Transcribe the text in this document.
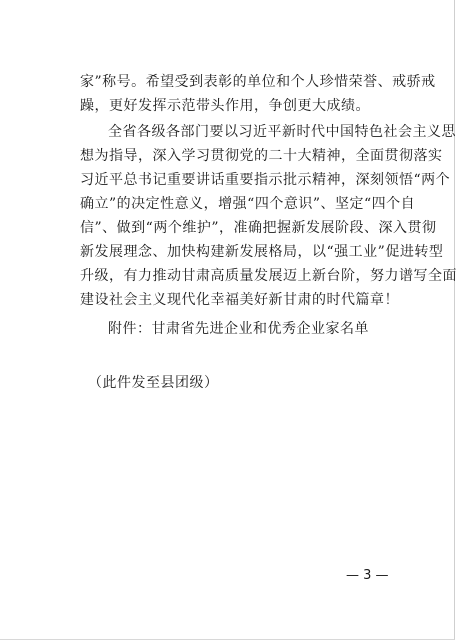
家”称号。希望受到表彰的单位和个人珍惜荣誉、戒骄戒
躁，更好发挥示范带头作用，争创更大成绩。
全省各级各部门要以习近平新时代中国特色社会主义思
想为指导，深入学习贯彻党的二十大精神，全面贯彻落实
习近平总书记重要讲话重要指示批示精神，深刻领悟“两个
确立”的决定性意义，增强“四个意识”、坚定“四个自
信”、做到“两个维护”，准确把握新发展阶段、深入贯彻
新发展理念、加快构建新发展格局，以“强工业”促进转型
升级，有力推动甘肃高质量发展迈上新台阶，努力谱写全面
建设社会主义现代化幸福美好新甘肃的时代篇章！
附件：甘肃省先进企业和优秀企业家名单
（此件发至县团级）
— 3 —
